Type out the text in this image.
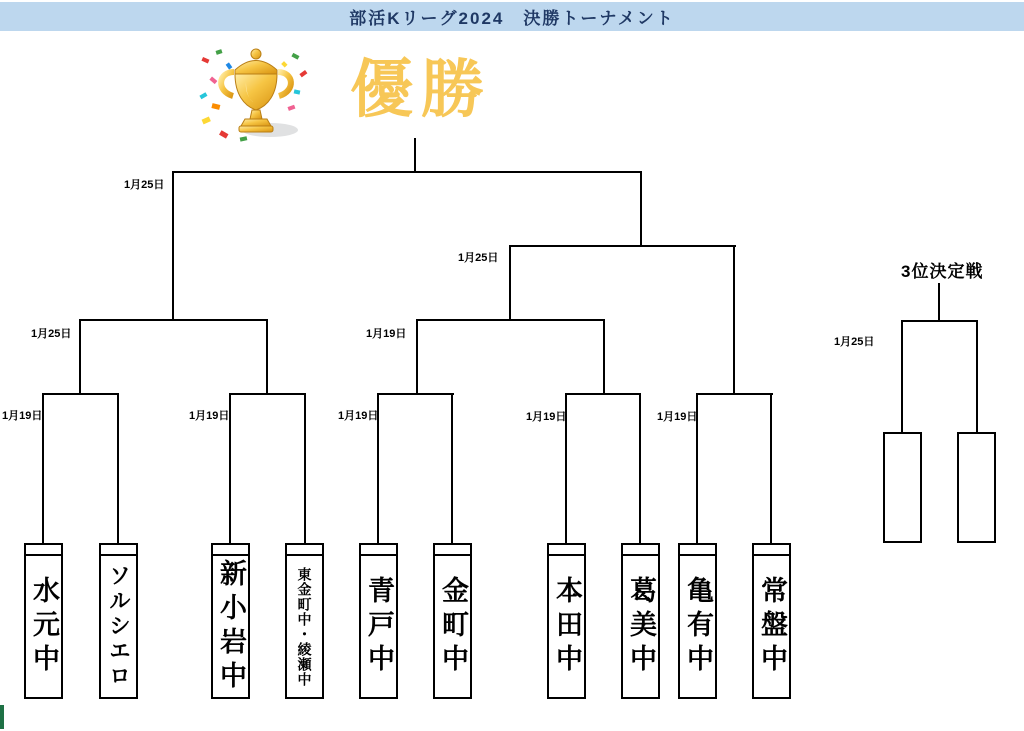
部活Kリーグ2024　決勝トーナメント
優勝
1月25日
1月25日
1月25日
1月19日
1月19日	1月19日	1月19日	1月19日	1月19日
1月25日
3位決定戦
水元中 ソルシエロ	新小岩中	東金町中・綾瀬中 青戸中 金町中	本田中 葛美中 亀有中 常盤中
